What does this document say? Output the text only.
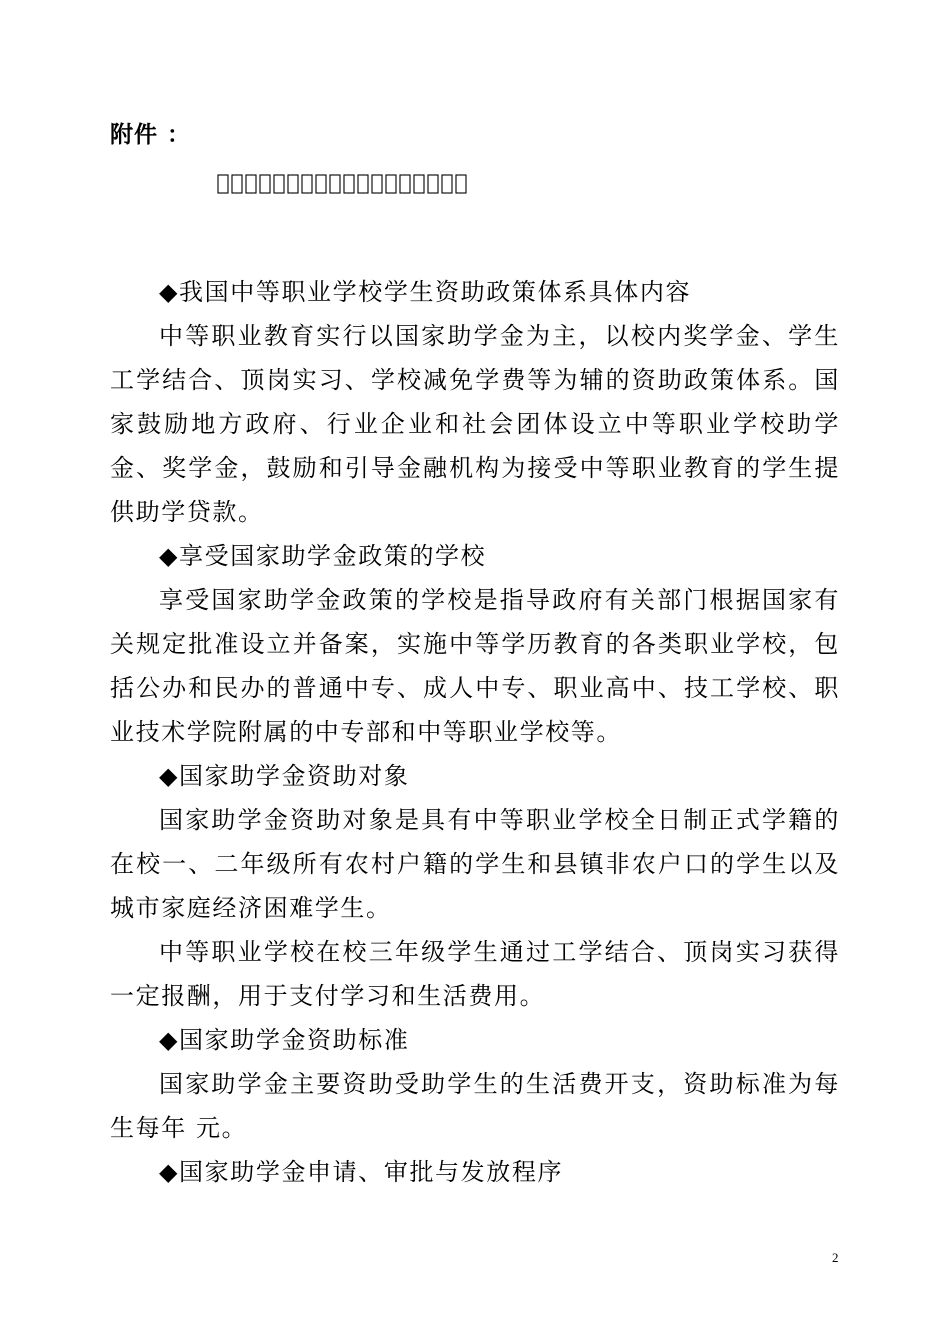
附件 ：

◆我国中等职业学校学生资助政策体系具体内容

中等职业教育实行以国家助学金为主，以校内奖学金、学生工学结合、顶岗实习、学校减免学费等为辅的资助政策体系。国家鼓励地方政府、行业企业和社会团体设立中等职业学校助学金、奖学金，鼓励和引导金融机构为接受中等职业教育的学生提供助学贷款。

◆享受国家助学金政策的学校

享受国家助学金政策的学校是指导政府有关部门根据国家有关规定批准设立并备案，实施中等学历教育的各类职业学校，包括公办和民办的普通中专、成人中专、职业高中、技工学校、职业技术学院附属的中专部和中等职业学校等。

◆国家助学金资助对象

国家助学金资助对象是具有中等职业学校全日制正式学籍的在校一、二年级所有农村户籍的学生和县镇非农户口的学生以及城市家庭经济困难学生。

中等职业学校在校三年级学生通过工学结合、顶岗实习获得一定报酬，用于支付学习和生活费用。

◆国家助学金资助标准

国家助学金主要资助受助学生的生活费开支，资助标准为每生每年 元。

◆国家助学金申请、审批与发放程序

2
